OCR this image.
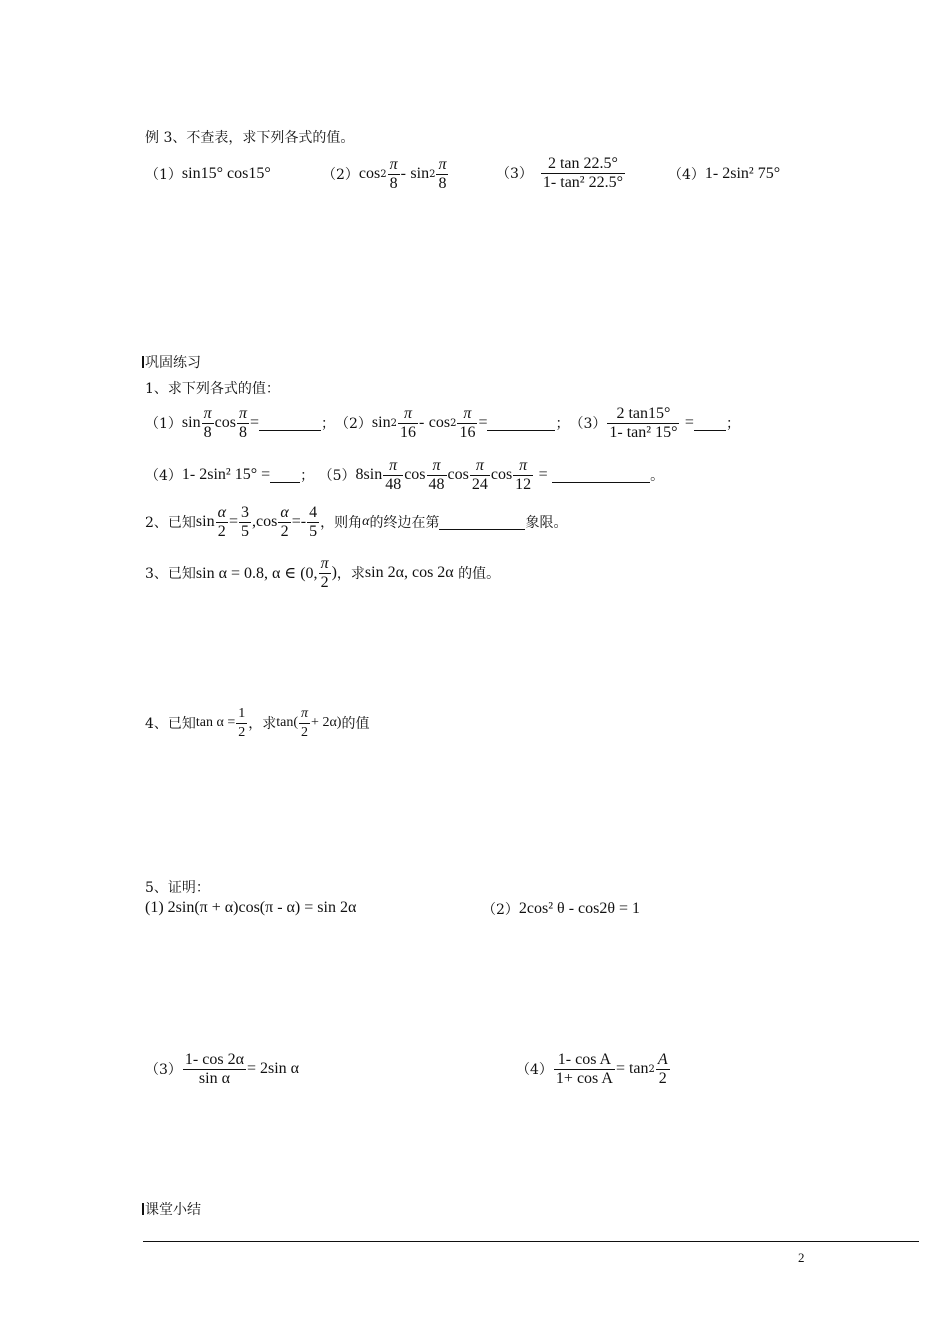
例 3、不查表，求下列各式的值。
（1） sin15° cos15°	（2） $\cos 2 \frac{\pi}{8}$ -
$\sin 2 \frac{\pi}{8}$	$(3) \frac{2 \tan 22.5^\circ}{\text{1- tan² 22.5°}}$	（4） 1- 2sin² 75°
巩固练习
1、求下列各式的值：
（1） $\sin \frac{\pi}{8}$ $\cos \frac{\pi}{8}$ =	； （2） $\sin 2 \frac{\pi}{16}$ -
$\cos 2 \frac{\pi}{16}$ =	； $(3) \frac{2 \tan 15^\circ}{\text{1- tan² 15°}}$
= ；
（4） 1- 2sin² 15° = ；
（5） $8\sin \frac{\pi}{48}$ $\cos \frac{\pi}{48}$ $\cos \frac{\pi}{24}$ $\cos \frac{\pi}{12}$
=
	。
2、已知 $\sin \frac{\alpha}{2} = \frac{3}{5}$ , $\cos \frac{\alpha}{2} =- \frac{4}{5}$ ，则角 α 的终边在第	象限。
3、已知 sin α = 0.8, α ∈ (0, $\frac{\pi}{2}$ ) ，求 sin 2α, cos 2α
的值。
4、已知 $\tan \alpha = \frac{1}{2}$ ，求 $\tan( \frac{\pi}{2} + 2\alpha)$ 的值
5、证明：
(1) 2sin(π + α)cos(π - α) = sin 2α	（2） 2cos² θ - cos2θ = 1
$(3) \frac{1- \cos 2\alpha}{\text{sin α}} = 2\sin$ α	$(4) \frac{\text{1- cos A}}{\text{1+ cos A}} = \tan 2 \frac{A}{2}$
课堂小结
2
